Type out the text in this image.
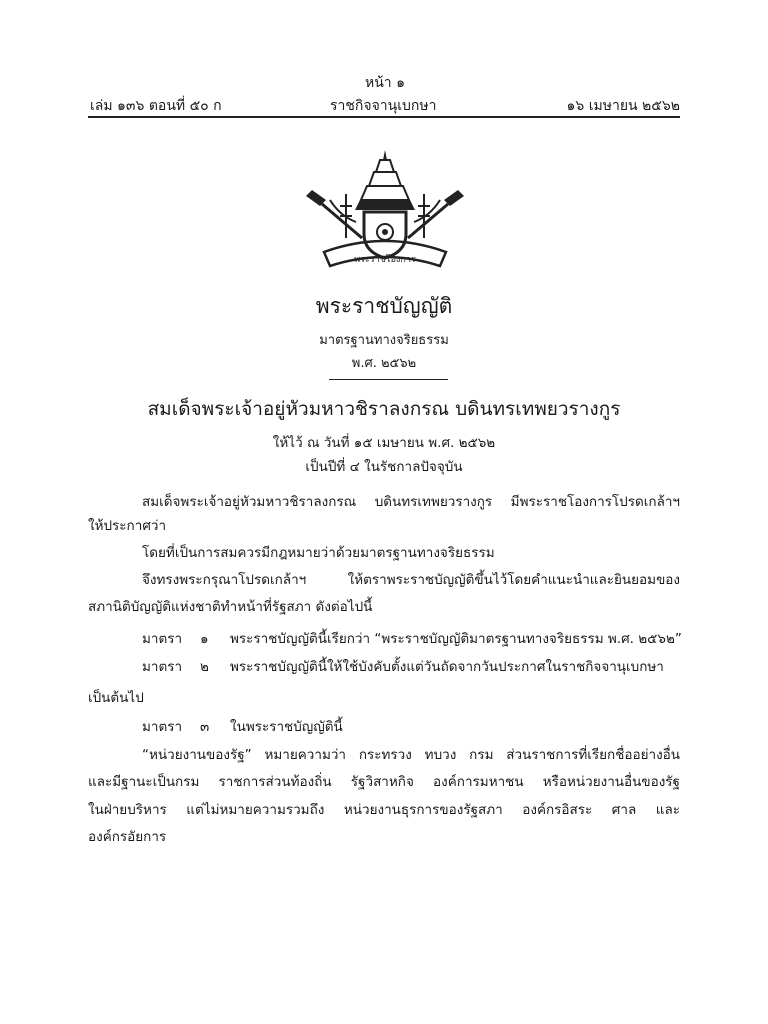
หน้า ๑
เล่ม ๑๓๖ ตอนที่ ๕๐ ก	ราชกิจจานุเบกษา	๑๖ เมษายน ๒๕๖๒
พระราชโองการ
พระราชบัญญัติ
มาตรฐานทางจริยธรรม
พ.ศ. ๒๕๖๒
สมเด็จพระเจ้าอยู่หัวมหาวชิราลงกรณ บดินทรเทพยวรางกูร
ให้ไว้ ณ วันที่ ๑๕ เมษายน พ.ศ. ๒๕๖๒
เป็นปีที่ ๔ ในรัชกาลปัจจุบัน
สมเด็จพระเจ้าอยู่หัวมหาวชิราลงกรณ บดินทรเทพยวรางกูร มีพระราชโองการโปรดเกล้าฯ
ให้ประกาศว่า
โดยที่เป็นการสมควรมีกฎหมายว่าด้วยมาตรฐานทางจริยธรรม
จึงทรงพระกรุณาโปรดเกล้าฯ ให้ตราพระราชบัญญัติขึ้นไว้โดยคำแนะนำและยินยอมของ
สภานิติบัญญัติแห่งชาติทำหน้าที่รัฐสภา ดังต่อไปนี้
มาตรา ๑ พระราชบัญญัตินี้เรียกว่า “พระราชบัญญัติมาตรฐานทางจริยธรรม พ.ศ. ๒๕๖๒”
มาตรา ๒ พระราชบัญญัตินี้ให้ใช้บังคับตั้งแต่วันถัดจากวันประกาศในราชกิจจานุเบกษา
เป็นต้นไป
มาตรา ๓ ในพระราชบัญญัตินี้
“หน่วยงานของรัฐ” หมายความว่า กระทรวง ทบวง กรม ส่วนราชการที่เรียกชื่ออย่างอื่น
และมีฐานะเป็นกรม ราชการส่วนท้องถิ่น รัฐวิสาหกิจ องค์การมหาชน หรือหน่วยงานอื่นของรัฐ
ในฝ่ายบริหาร แต่ไม่หมายความรวมถึง หน่วยงานธุรการของรัฐสภา องค์กรอิสระ ศาล และ
องค์กรอัยการ
